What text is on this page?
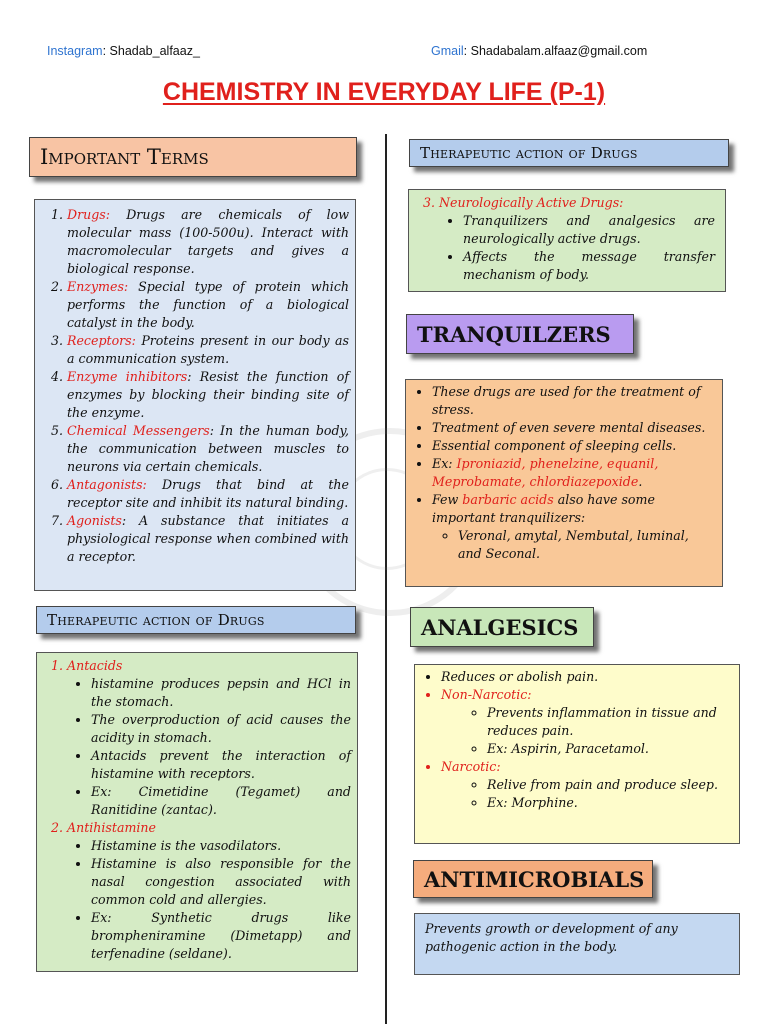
Instagram: Shadab_alfaaz_	Gmail: Shadabalam.alfaaz@gmail.com
CHEMISTRY IN EVERYDAY LIFE (P-1)
Important Terms
1. Drugs: Drugs are chemicals of low molecular mass (100-500u). Interact with macromolecular targets and gives a biological response.
2. Enzymes: Special type of protein which performs the function of a biological catalyst in the body.
3. Receptors: Proteins present in our body as a communication system.
4. Enzyme inhibitors: Resist the function of enzymes by blocking their binding site of the enzyme.
5. Chemical Messengers: In the human body, the communication between muscles to neurons via certain chemicals.
6. Antagonists: Drugs that bind at the receptor site and inhibit its natural binding.
7. Agonists: A substance that initiates a physiological response when combined with a receptor.
Therapeutic action of Drugs
1. Antacids
• histamine produces pepsin and HCl in the stomach.
• The overproduction of acid causes the acidity in stomach.
• Antacids prevent the interaction of histamine with receptors.
• Ex: Cimetidine (Tegamet) and Ranitidine (zantac).
2. Antihistamine
• Histamine is the vasodilators.
• Histamine is also responsible for the nasal congestion associated with common cold and allergies.
• Ex: Synthetic drugs like brompheniramine (Dimetapp) and terfenadine (seldane).
Therapeutic action of Drugs
3. Neurologically Active Drugs:
• Tranquilizers and analgesics are neurologically active drugs.
• Affects the message transfer mechanism of body.
TRANQUILZERS
• These drugs are used for the treatment of stress.
• Treatment of even severe mental diseases.
• Essential component of sleeping cells.
• Ex: Iproniazid, phenelzine, equanil, Meprobamate, chlordiazepoxide.
• Few barbaric acids also have some important tranquilizers:
◦ Veronal, amytal, Nembutal, luminal, and Seconal.
ANALGESICS
• Reduces or abolish pain.
• Non-Narcotic:
◦ Prevents inflammation in tissue and reduces pain.
◦ Ex: Aspirin, Paracetamol.
• Narcotic:
◦ Relive from pain and produce sleep.
◦ Ex: Morphine.
ANTIMICROBIALS
Prevents growth or development of any pathogenic action in the body.
